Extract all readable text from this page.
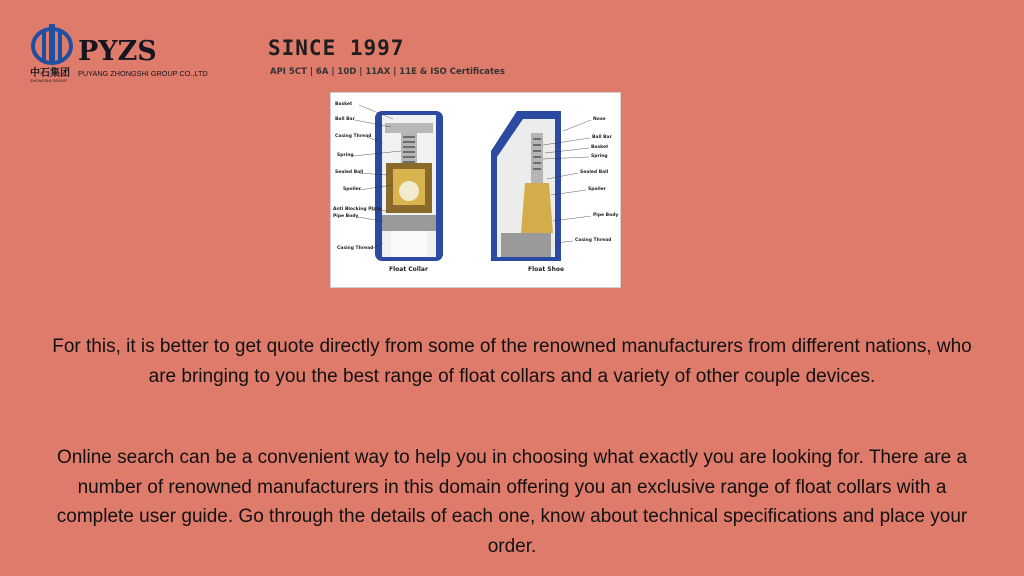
PYZS
中石集团 PUYANG ZHONGSHI GROUP CO.,LTD
ZHONGSHI GROUP
SINCE 1997
API 5CT | 6A | 10D | 11AX | 11E & ISO Certificates
Basket
Ball Bar
Casing Thread
Spring
Sealed Ball
Spoiler
Anti Blocking Plate
Pipe Body
Casing Thread
Nose
Ball Bar
Basket
Spring
Sealed Ball
Spoiler
Pipe Body
Casing Thread
Float Collar	Float Shoe

For this, it is better to get quote directly from some of the renowned manufacturers from different nations, who are bringing to you the best range of float collars and a variety of other couple devices.

Online search can be a convenient way to help you in choosing what exactly you are looking for. There are a number of renowned manufacturers in this domain offering you an exclusive range of float collars with a complete user guide. Go through the details of each one, know about technical specifications and place your order.
